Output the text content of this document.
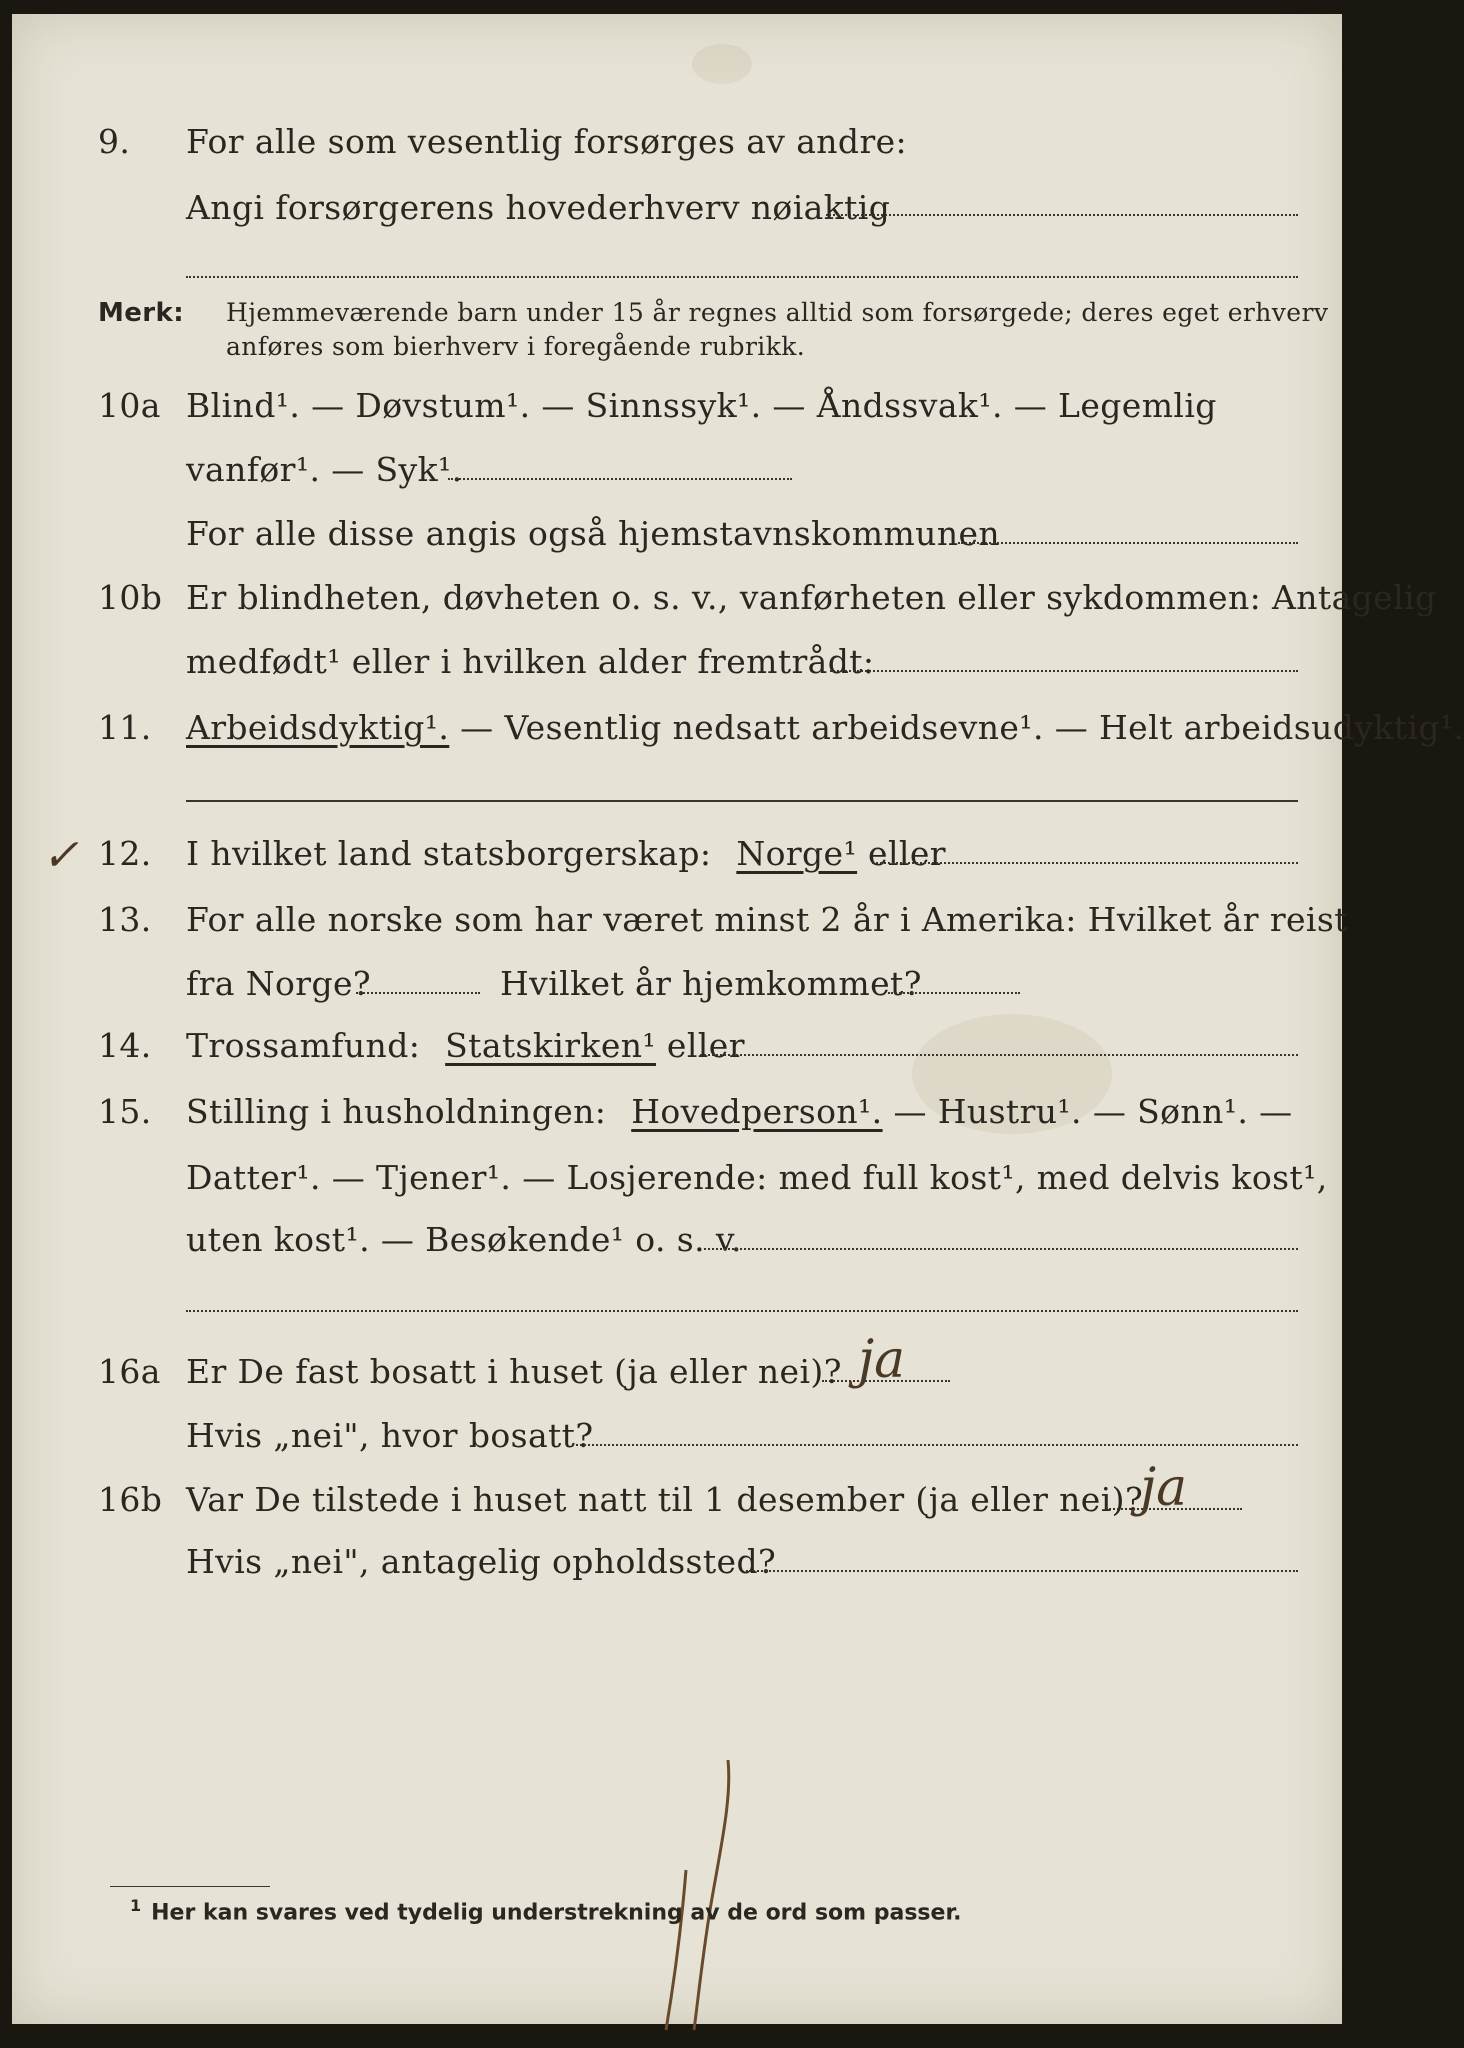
9. For alle som vesentlig forsørges av andre:
Angi forsørgerens hovederhverv nøiaktig
Merk: Hjemmeværende barn under 15 år regnes alltid som forsørgede; deres eget erhverv
anføres som bierhverv i foregående rubrikk.
10a Blind¹. — Døvstum¹. — Sinnssyk¹. — Åndssvak¹. — Legemlig
vanfør¹. — Syk¹.
For alle disse angis også hjemstavnskommunen
10b Er blindheten, døvheten o. s. v., vanførheten eller sykdommen: Antagelig
medfødt¹ eller i hvilken alder fremtrådt:
11. Arbeidsdyktig¹. — Vesentlig nedsatt arbeidsevne¹. — Helt arbeidsudyktig¹.
✓ 12. I hvilket land statsborgerskap: Norge¹ eller
13. For alle norske som har været minst 2 år i Amerika: Hvilket år reist
fra Norge?	Hvilket år hjemkommet?
14. Trossamfund: Statskirken¹ eller
15. Stilling i husholdningen: Hovedperson¹. — Hustru¹. — Sønn¹. —
Datter¹. — Tjener¹. — Losjerende: med full kost¹, med delvis kost¹,
uten kost¹. — Besøkende¹ o. s. v.
16a Er De fast bosatt i huset (ja eller nei)? ja
Hvis „nei", hvor bosatt?
16b Var De tilstede i huset natt til 1 desember (ja eller nei)?
ja
Hvis „nei", antagelig opholdssted?
$^1$ Her kan svares ved tydelig understrekning av de ord som passer.
